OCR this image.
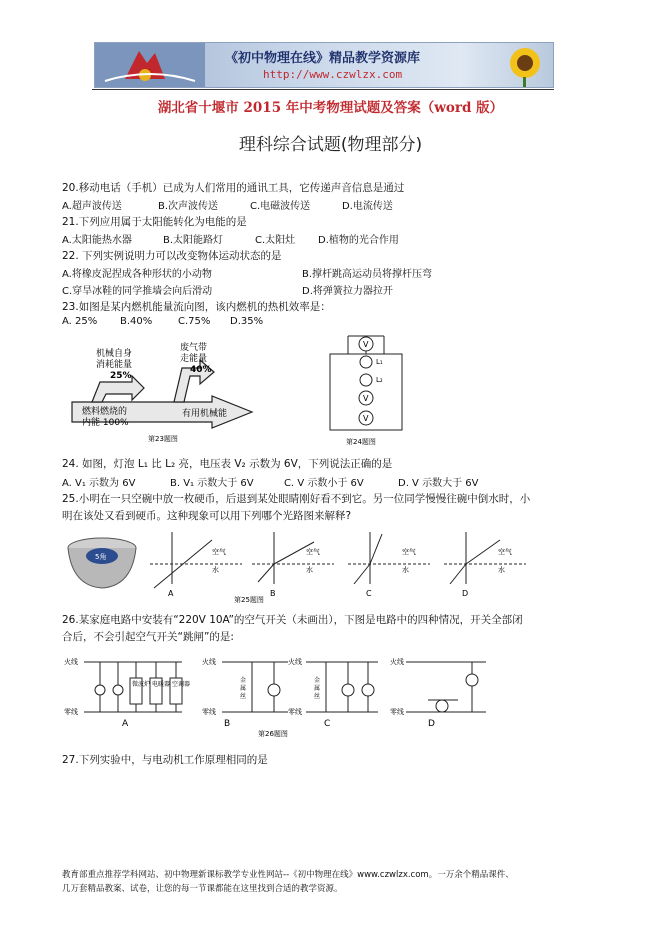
《初中物理在线》精品教学资源库
http://www.czwlzx.com
湖北省十堰市 2015 年中考物理试题及答案（word 版）
理科综合试题(物理部分)
20.移动电话（手机）已成为人们常用的通讯工具，它传递声音信息是通过
A.超声波传送	B.次声波传送	C.电磁波传送	D.电流传送
21.下列应用属于太阳能转化为电能的是
A.太阳能热水器	B.太阳能路灯	C.太阳灶 D.植物的光合作用
22. 下列实例说明力可以改变物体运动状态的是
A.将橡皮泥捏成各种形状的小动物	B.撑杆跳高运动员将撑杆压弯
C.穿旱冰鞋的同学推墙会向后滑动	D.将弹簧拉力器拉开
23.如图是某内燃机能量流向图，该内燃机的热机效率是：
A. 25% B.40%	C.75% D.35%
机械自身
消耗能量
25%
废气带
走能量
40%
燃料燃烧的
内能 100%
有用机械能
第23题图
V
V
V
L₁
L₂
第24题图
24. 如图，灯泡 L₁ 比 L₂ 亮，电压表 V₂ 示数为 6V，下列说法正确的是
A. V₁ 示数为 6V	B. V₁ 示数大于 6V	C. V 示数小于 6V	D. V 示数大于 6V
25.小明在一只空碗中放一枚硬币，后退到某处眼睛刚好看不到它。另一位同学慢慢往碗中倒水时，小
明在该处又看到硬币。这种现象可以用下列哪个光路图来解释?
5角
空气
水
空气
水
空气
水
空气
水
A	B	C	D
第25题图
26.某家庭电路中安装有“220V 10A”的空气开关（未画出），下图是电路中的四种情况，开关全部闭
合后，不会引起空气开关“跳闸”的是:
火线
零线
火线
零线
火线
零线
火线
零线
微波炉 电暖器 空调器
金
属
丝
金
属
丝
A	B	C	D
第26题图
27.下列实验中，与电动机工作原理相同的是
教育部重点推荐学科网站、初中物理新课标教学专业性网站--《初中物理在线》www.czwlzx.com。一万余个精品课件、
几万套精品教案、试卷，让您的每一节课都能在这里找到合适的教学资源。
